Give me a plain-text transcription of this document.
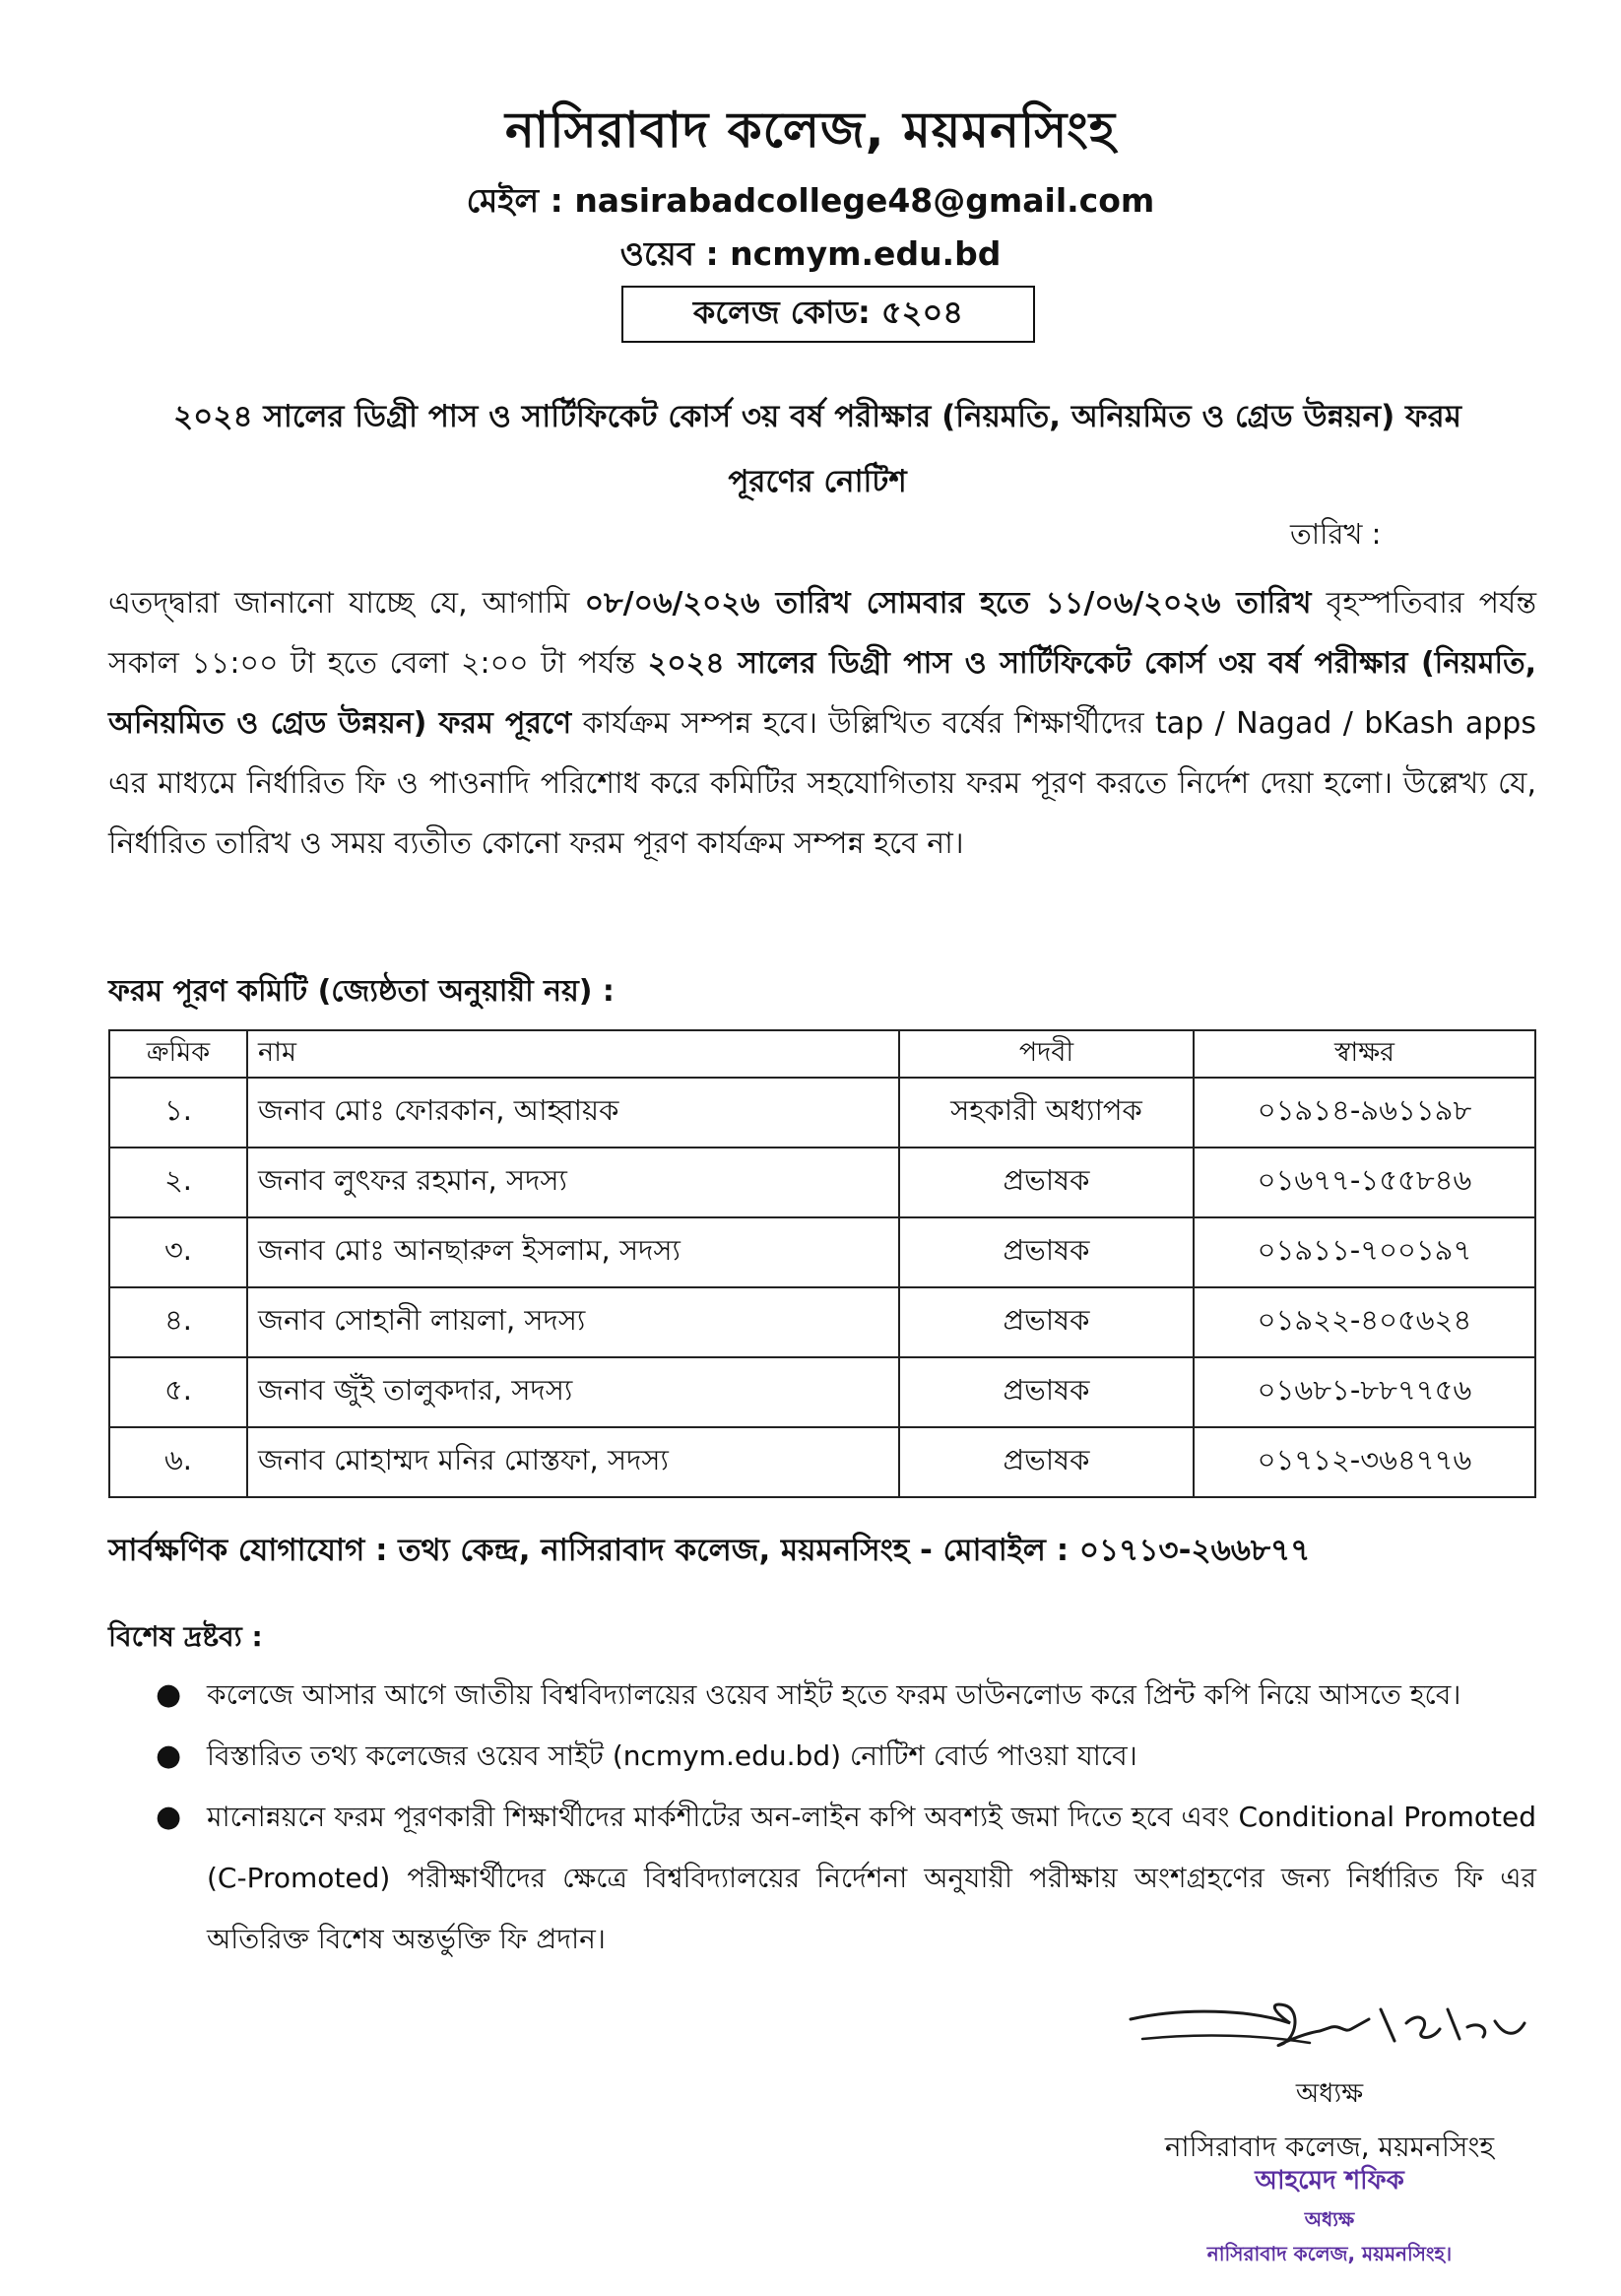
নাসিরাবাদ কলেজ, ময়মনসিংহ
মেইল : nasirabadcollege48@gmail.com
ওয়েব : ncmym.edu.bd
কলেজ কোড: ৫২০৪
২০২৪ সালের ডিগ্রী পাস ও সার্টিফিকেট কোর্স ৩য় বর্ষ পরীক্ষার (নিয়মতি, অনিয়মিত ও গ্রেড উন্নয়ন) ফরম
পূরণের নোটিশ
তারিখ :
এতদ্দ্বারা জানানো যাচ্ছে যে, আগামি ০৮/০৬/২০২৬ তারিখ সোমবার হতে ১১/০৬/২০২৬ তারিখ বৃহস্পতিবার পর্যন্ত সকাল ১১:০০ টা হতে বেলা ২:০০ টা পর্যন্ত ২০২৪ সালের ডিগ্রী পাস ও সার্টিফিকেট কোর্স ৩য় বর্ষ পরীক্ষার (নিয়মতি, অনিয়মিত ও গ্রেড উন্নয়ন) ফরম পূরণে কার্যক্রম সম্পন্ন হবে। উল্লিখিত বর্ষের শিক্ষার্থীদের tap / Nagad / bKash apps এর মাধ্যমে নির্ধারিত ফি ও পাওনাদি পরিশোধ করে কমিটির সহযোগিতায় ফরম পূরণ করতে নির্দেশ দেয়া হলো। উল্লেখ্য যে, নির্ধারিত তারিখ ও সময় ব্যতীত কোনো ফরম পূরণ কার্যক্রম সম্পন্ন হবে না।
ফরম পূরণ কমিটি (জ্যেষ্ঠতা অনুয়ায়ী নয়) :
ক্রমিক	নাম	পদবী	স্বাক্ষর
১.	জনাব মোঃ ফোরকান, আহ্বায়ক	সহকারী অধ্যাপক	০১৯১৪-৯৬১১৯৮
২.	জনাব লুৎফর রহমান, সদস্য	প্রভাষক	০১৬৭৭-১৫৫৮৪৬
৩.	জনাব মোঃ আনছারুল ইসলাম, সদস্য	প্রভাষক	০১৯১১-৭০০১৯৭
৪.	জনাব সোহানী লায়লা, সদস্য	প্রভাষক	০১৯২২-৪০৫৬২৪
৫.	জনাব জুঁই তালুকদার, সদস্য	প্রভাষক	০১৬৮১-৮৮৭৭৫৬
৬.	জনাব মোহাম্মদ মনির মোস্তফা, সদস্য	প্রভাষক	০১৭১২-৩৬৪৭৭৬
সার্বক্ষণিক যোগাযোগ : তথ্য কেন্দ্র, নাসিরাবাদ কলেজ, ময়মনসিংহ - মোবাইল : ০১৭১৩-২৬৬৮৭৭
বিশেষ দ্রষ্টব্য :
● কলেজে আসার আগে জাতীয় বিশ্ববিদ্যালয়ের ওয়েব সাইট হতে ফরম ডাউনলোড করে প্রিন্ট কপি নিয়ে আসতে হবে।
● বিস্তারিত তথ্য কলেজের ওয়েব সাইট (ncmym.edu.bd) নোটিশ বোর্ড পাওয়া যাবে।
● মানোন্নয়নে ফরম পূরণকারী শিক্ষার্থীদের মার্কশীটের অন-লাইন কপি অবশ্যই জমা দিতে হবে এবং Conditional Promoted (C-Promoted) পরীক্ষার্থীদের ক্ষেত্রে বিশ্ববিদ্যালয়ের নির্দেশনা অনুযায়ী পরীক্ষায় অংশগ্রহণের জন্য নির্ধারিত ফি এর অতিরিক্ত বিশেষ অন্তর্ভুক্তি ফি প্রদান।
অধ্যক্ষ
নাসিরাবাদ কলেজ, ময়মনসিংহ
আহমেদ শফিক
অধ্যক্ষ
নাসিরাবাদ কলেজ, ময়মনসিংহ।
